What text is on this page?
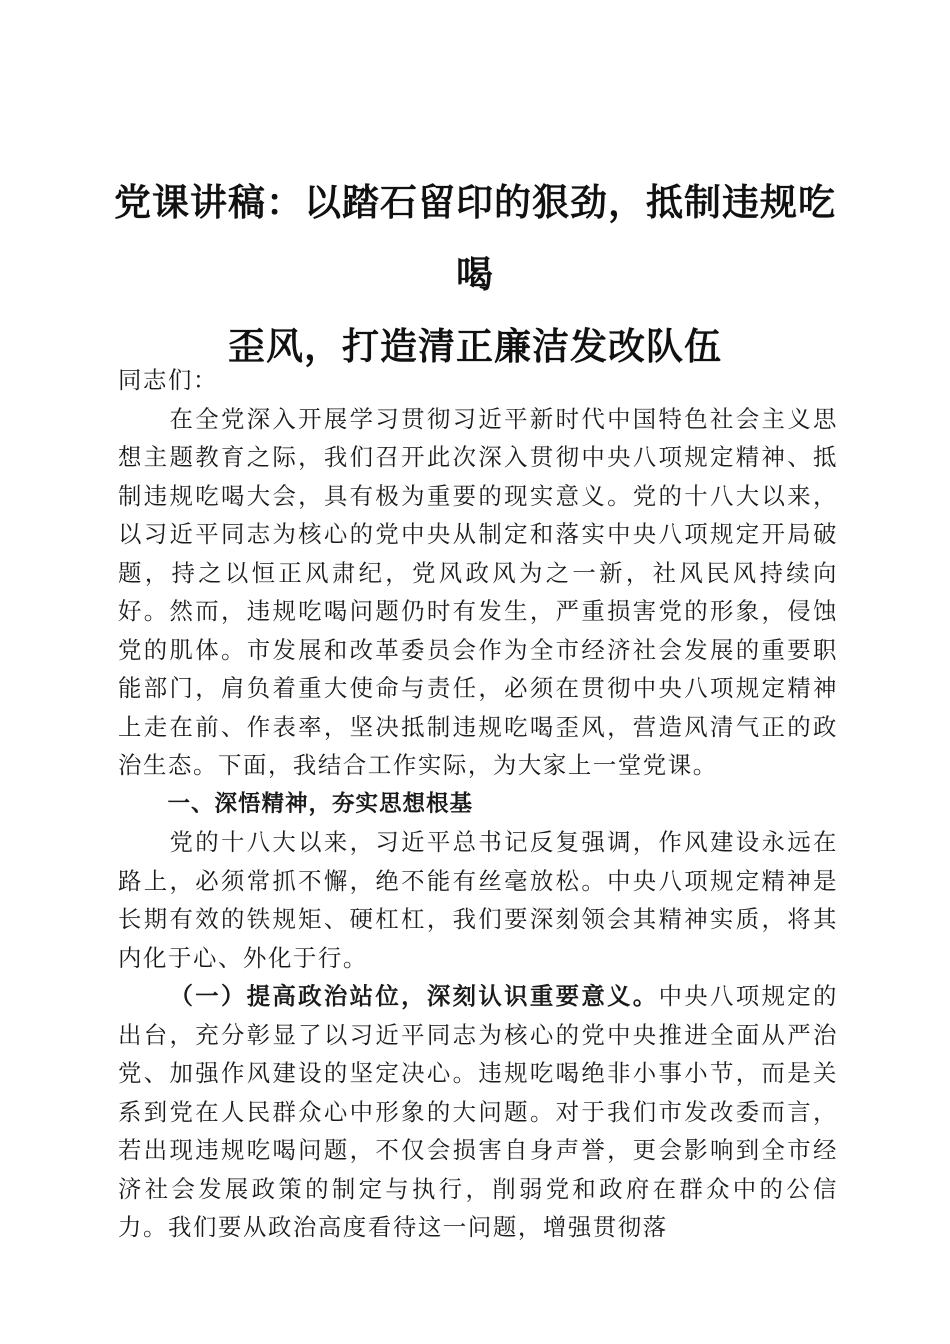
党课讲稿：以踏石留印的狠劲，抵制违规吃喝
歪风，打造清正廉洁发改队伍

同志们：

在全党深入开展学习贯彻习近平新时代中国特色社会主义思想主题教育之际，我们召开此次深入贯彻中央八项规定精神、抵制违规吃喝大会，具有极为重要的现实意义。党的十八大以来，以习近平同志为核心的党中央从制定和落实中央八项规定开局破题，持之以恒正风肃纪，党风政风为之一新，社风民风持续向好。然而，违规吃喝问题仍时有发生，严重损害党的形象，侵蚀党的肌体。市发展和改革委员会作为全市经济社会发展的重要职能部门，肩负着重大使命与责任，必须在贯彻中央八项规定精神上走在前、作表率，坚决抵制违规吃喝歪风，营造风清气正的政治生态。下面，我结合工作实际，为大家上一堂党课。

一、深悟精神，夯实思想根基

党的十八大以来，习近平总书记反复强调，作风建设永远在路上，必须常抓不懈，绝不能有丝毫放松。中央八项规定精神是长期有效的铁规矩、硬杠杠，我们要深刻领会其精神实质，将其内化于心、外化于行。

（一）提高政治站位，深刻认识重要意义。中央八项规定的出台，充分彰显了以习近平同志为核心的党中央推进全面从严治党、加强作风建设的坚定决心。违规吃喝绝非小事小节，而是关系到党在人民群众心中形象的大问题。对于我们市发改委而言，若出现违规吃喝问题，不仅会损害自身声誉，更会影响到全市经济社会发展政策的制定与执行，削弱党和政府在群众中的公信力。我们要从政治高度看待这一问题，增强贯彻落
